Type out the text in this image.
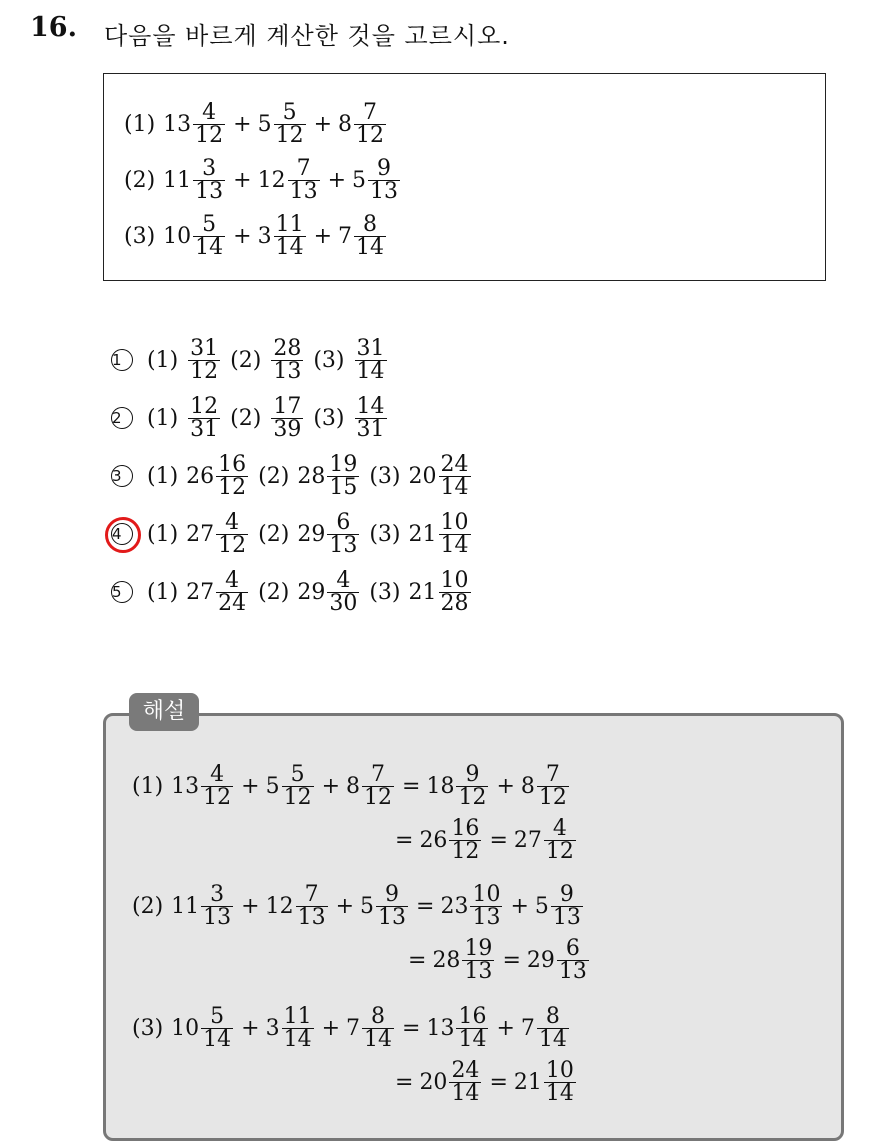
16. 다음을 바르게 계산한 것을 고르시오.
(1) $13 \frac{4}{12} + 5 \frac{5}{12} + 8 \frac{7}{12}$
(2) $11 \frac{3}{13} + 12 \frac{7}{13} + 5 \frac{9}{13}$
(3) $10 \frac{5}{14} + 3 \frac{11}{14} + 7 \frac{8}{14}$
1	$(1) \frac{31}{12} (2) \frac{28}{13} (3) \frac{31}{14}$
2	$(1) \frac{12}{31} (2) \frac{17}{39} (3) \frac{14}{31}$
3	(1) $26 \frac{16}{12} (2)$ $28 \frac{19}{15} (3)$ $20 \frac{24}{14}$
4 (1) $27 \frac{4}{12} (2)$ $29 \frac{6}{13} (3)$ $21 \frac{10}{14}$
5	(1) $27 \frac{4}{24} (2)$ $29 \frac{4}{30} (3)$ $21 \frac{10}{28}$
(1) $13 \frac{4}{12} + 5 \frac{5}{12} + 8 \frac{7}{12} = 18 \frac{9}{12} + 8 \frac{7}{12}$
= $26 \frac{16}{12} = 27 \frac{4}{12}$
(2) $11 \frac{3}{13} + 12 \frac{7}{13} + 5 \frac{9}{13} = 23 \frac{10}{13} + 5 \frac{9}{13}$
= $28 \frac{19}{13} = 29 \frac{6}{13}$
(3) $10 \frac{5}{14} + 3 \frac{11}{14} + 7 \frac{8}{14} = 13 \frac{16}{14} + 7 \frac{8}{14}$
= $20 \frac{24}{14} = 21 \frac{10}{14}$
해설
